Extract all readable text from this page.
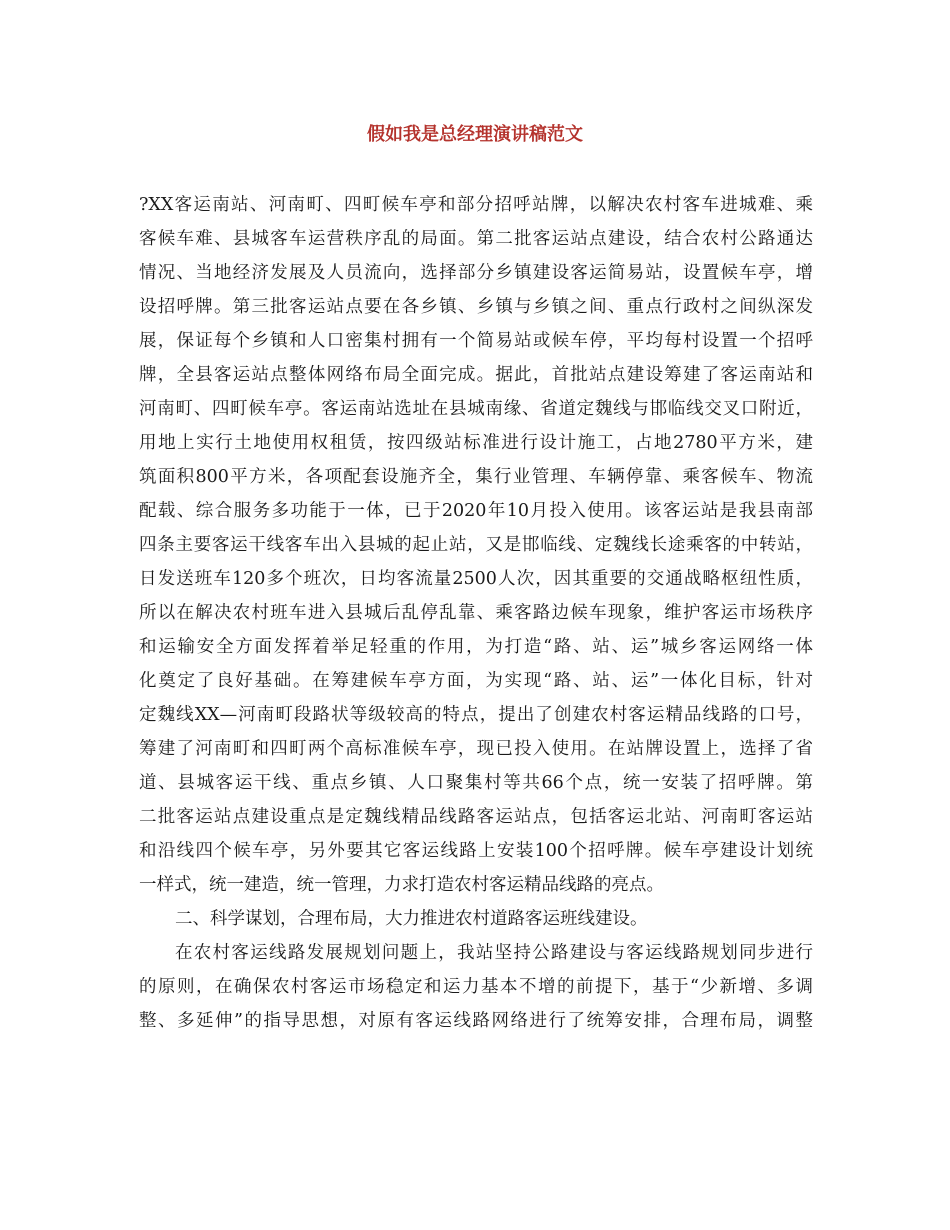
假如我是总经理演讲稿范文
?XX客运南站、河南町、四町候车亭和部分招呼站牌，以解决农村客车进城难、乘
客候车难、县城客车运营秩序乱的局面。第二批客运站点建设，结合农村公路通达
情况、当地经济发展及人员流向，选择部分乡镇建设客运简易站，设置候车亭，增
设招呼牌。第三批客运站点要在各乡镇、乡镇与乡镇之间、重点行政村之间纵深发
展，保证每个乡镇和人口密集村拥有一个简易站或候车停，平均每村设置一个招呼
牌，全县客运站点整体网络布局全面完成。据此，首批站点建设筹建了客运南站和
河南町、四町候车亭。客运南站选址在县城南缘、省道定魏线与邯临线交叉口附近，
用地上实行土地使用权租赁，按四级站标准进行设计施工，占地2780平方米，建
筑面积800平方米，各项配套设施齐全，集行业管理、车辆停靠、乘客候车、物流
配载、综合服务多功能于一体，已于2020年10月投入使用。该客运站是我县南部
四条主要客运干线客车出入县城的起止站，又是邯临线、定魏线长途乘客的中转站，
日发送班车120多个班次，日均客流量2500人次，因其重要的交通战略枢纽性质，
所以在解决农村班车进入县城后乱停乱靠、乘客路边候车现象，维护客运市场秩序
和运输安全方面发挥着举足轻重的作用，为打造“路、站、运”城乡客运网络一体
化奠定了良好基础。在筹建候车亭方面，为实现“路、站、运”一体化目标，针对
定魏线XX—河南町段路状等级较高的特点，提出了创建农村客运精品线路的口号，
筹建了河南町和四町两个高标准候车亭，现已投入使用。在站牌设置上，选择了省
道、县城客运干线、重点乡镇、人口聚集村等共66个点，统一安装了招呼牌。第
二批客运站点建设重点是定魏线精品线路客运站点，包括客运北站、河南町客运站
和沿线四个候车亭，另外要其它客运线路上安装100个招呼牌。候车亭建设计划统
一样式，统一建造，统一管理，力求打造农村客运精品线路的亮点。
二、科学谋划，合理布局，大力推进农村道路客运班线建设。
在农村客运线路发展规划问题上，我站坚持公路建设与客运线路规划同步进行
的原则，在确保农村客运市场稳定和运力基本不增的前提下，基于“少新增、多调
整、多延伸”的指导思想，对原有客运线路网络进行了统筹安排，合理布局，调整
